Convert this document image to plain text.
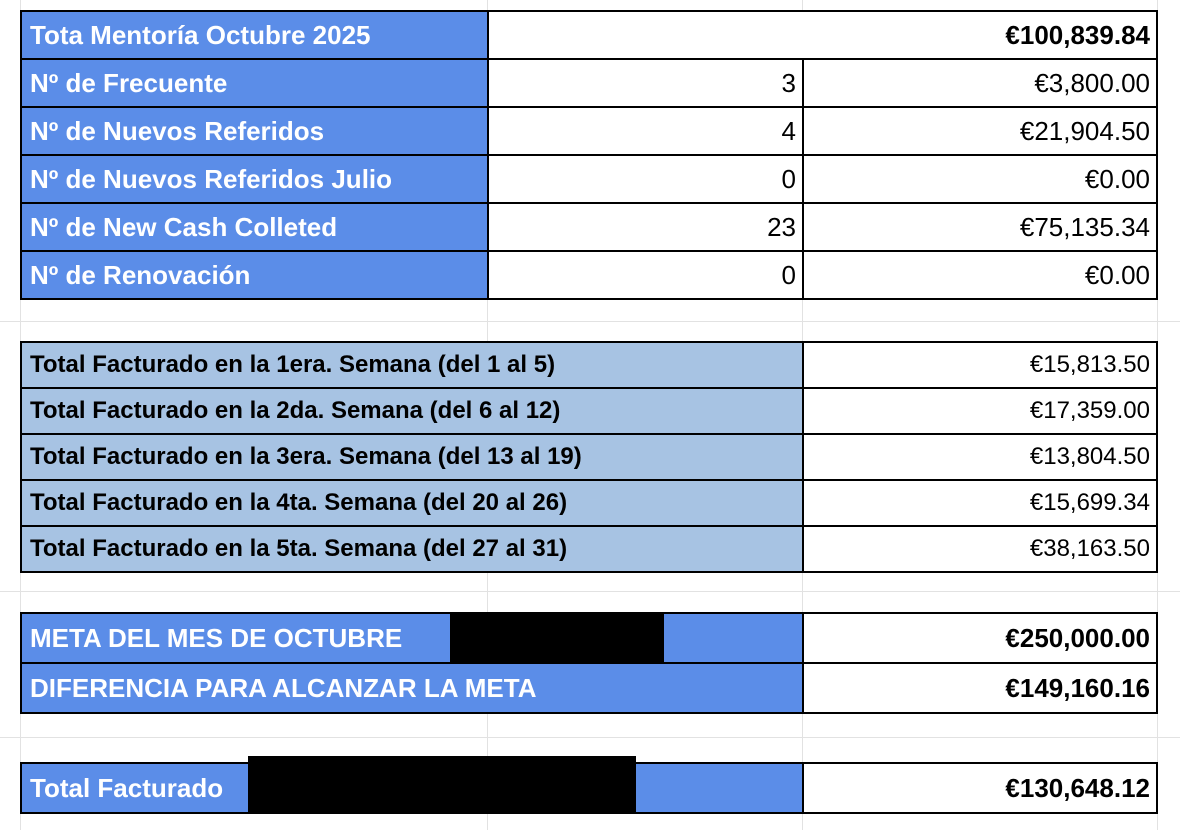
Tota Mentoría Octubre 2025	€100,839.84
Nº de Frecuente	3	€3,800.00
Nº de Nuevos Referidos	4	€21,904.50
Nº de Nuevos Referidos Julio	0	€0.00
Nº de New Cash Colleted	23	€75,135.34
Nº de Renovación	0	€0.00
Total Facturado en la 1era. Semana (del 1 al 5)	€15,813.50
Total Facturado en la 2da. Semana (del 6 al 12)	€17,359.00
Total Facturado en la 3era. Semana (del 13 al 19)	€13,804.50
Total Facturado en la 4ta. Semana (del 20 al 26)	€15,699.34
Total Facturado en la 5ta. Semana (del 27 al 31)	€38,163.50
META DEL MES DE OCTUBRE	€250,000.00
DIFERENCIA PARA ALCANZAR LA META	€149,160.16
Total Facturado	€130,648.12
